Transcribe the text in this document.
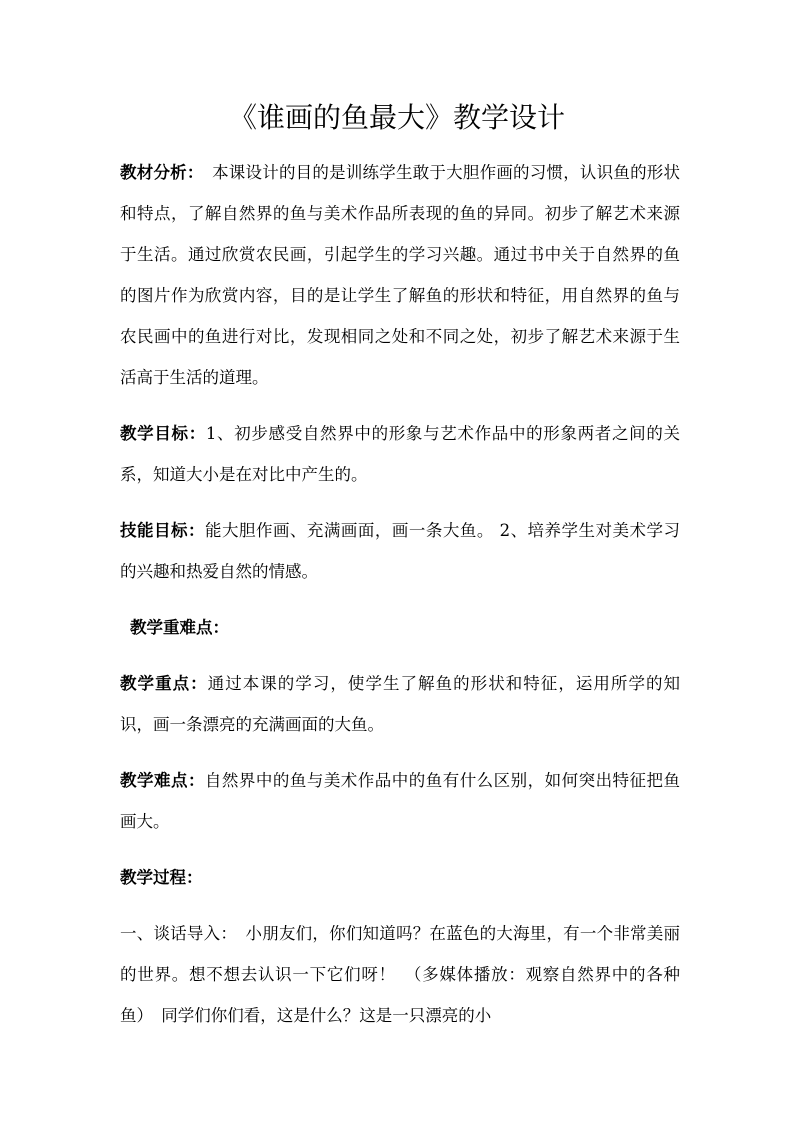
《谁画的鱼最大》教学设计

教材分析：　本课设计的目的是训练学生敢于大胆作画的习惯，认识鱼的形状和特点，了解自然界的鱼与美术作品所表现的鱼的异同。初步了解艺术来源于生活。通过欣赏农民画，引起学生的学习兴趣。通过书中关于自然界的鱼的图片作为欣赏内容，目的是让学生了解鱼的形状和特征，用自然界的鱼与农民画中的鱼进行对比，发现相同之处和不同之处，初步了解艺术来源于生活高于生活的道理。

教学目标：1、初步感受自然界中的形象与艺术作品中的形象两者之间的关系，知道大小是在对比中产生的。

技能目标：能大胆作画、充满画面，画一条大鱼。 2、培养学生对美术学习的兴趣和热爱自然的情感。

教学重难点：

教学重点：通过本课的学习，使学生了解鱼的形状和特征，运用所学的知识，画一条漂亮的充满画面的大鱼。

教学难点：自然界中的鱼与美术作品中的鱼有什么区别，如何突出特征把鱼画大。

教学过程：

一、谈话导入：　小朋友们，你们知道吗？在蓝色的大海里，有一个非常美丽的世界。想不想去认识一下它们呀！　（多媒体播放：观察自然界中的各种鱼）　同学们你们看，这是什么？这是一只漂亮的小
